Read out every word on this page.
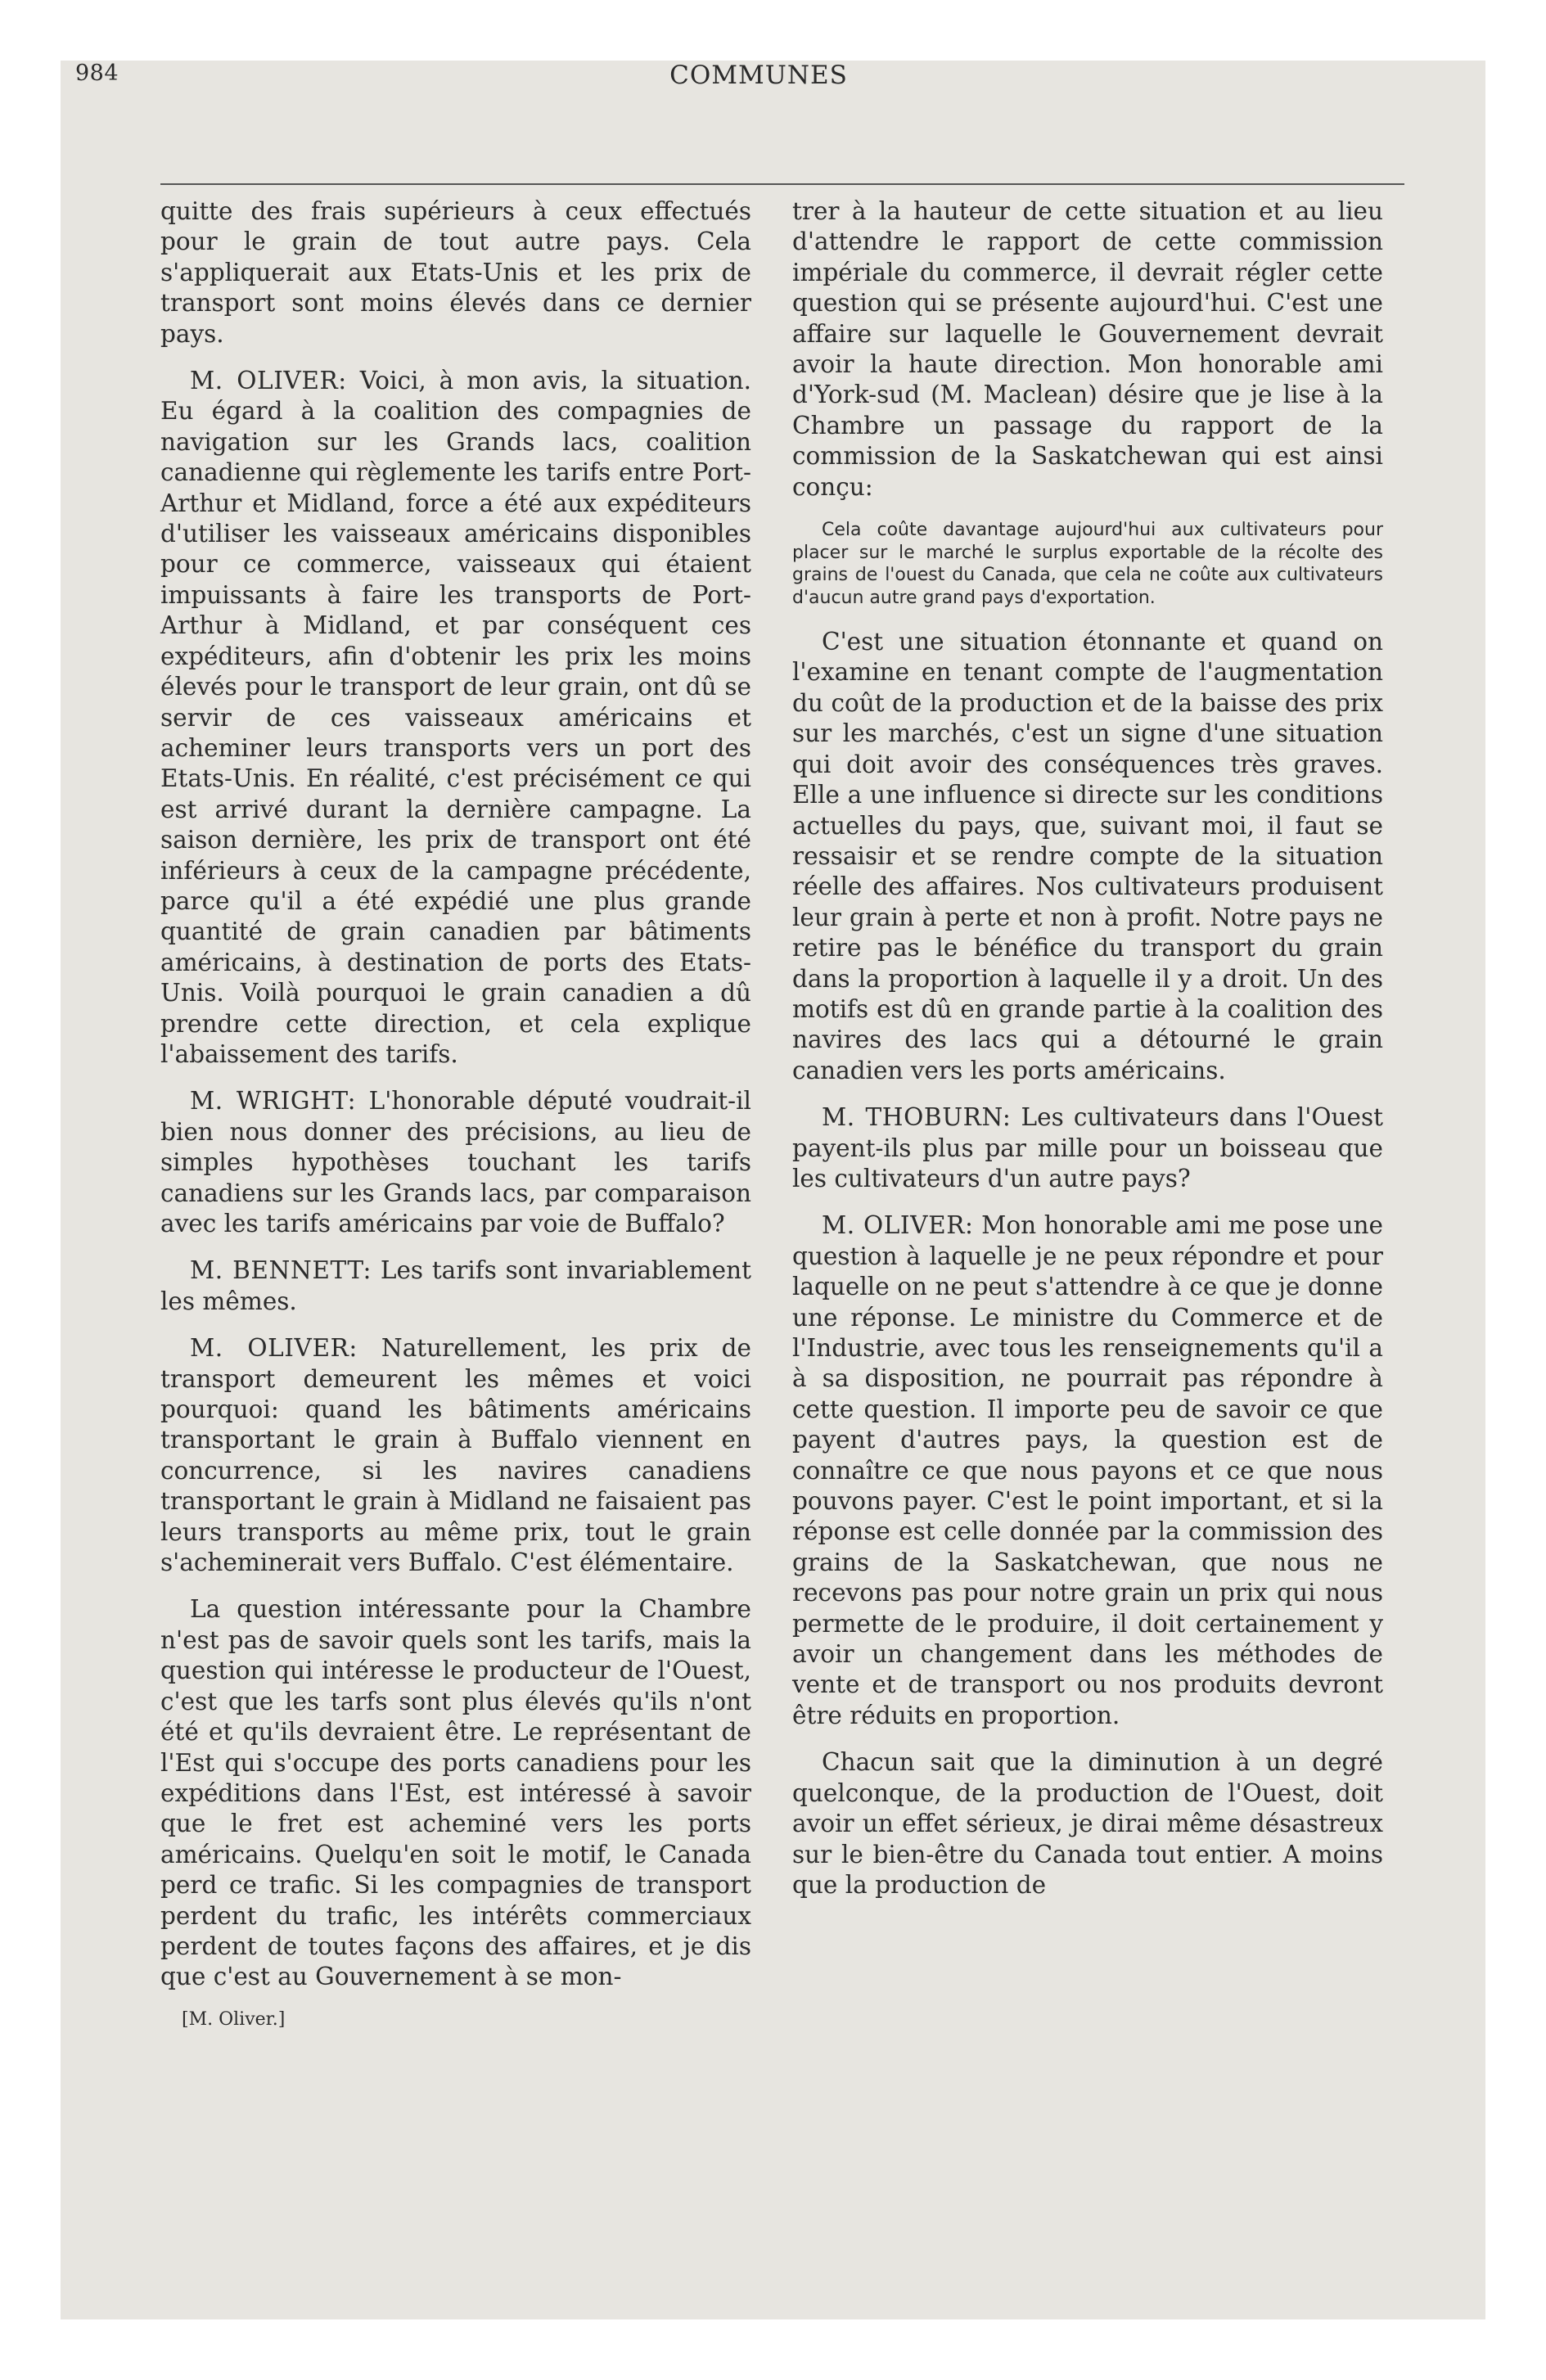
984	COMMUNES

quitte des frais supérieurs à ceux effectués pour le grain de tout autre pays. Cela s'appliquerait aux Etats-Unis et les prix de transport sont moins élevés dans ce dernier pays.

M. OLIVER: Voici, à mon avis, la situation. Eu égard à la coalition des compagnies de navigation sur les Grands lacs, coalition canadienne qui règlemente les tarifs entre Port-Arthur et Midland, force a été aux expéditeurs d'utiliser les vaisseaux américains disponibles pour ce commerce, vaisseaux qui étaient impuissants à faire les transports de Port-Arthur à Midland, et par conséquent ces expéditeurs, afin d'obtenir les prix les moins élevés pour le transport de leur grain, ont dû se servir de ces vaisseaux américains et acheminer leurs transports vers un port des Etats-Unis. En réalité, c'est précisément ce qui est arrivé durant la dernière campagne. La saison dernière, les prix de transport ont été inférieurs à ceux de la campagne précédente, parce qu'il a été expédié une plus grande quantité de grain canadien par bâtiments américains, à destination de ports des Etats-Unis. Voilà pourquoi le grain canadien a dû prendre cette direction, et cela explique l'abaissement des tarifs.

M. WRIGHT: L'honorable député voudrait-il bien nous donner des précisions, au lieu de simples hypothèses touchant les tarifs canadiens sur les Grands lacs, par comparaison avec les tarifs américains par voie de Buffalo?

M. BENNETT: Les tarifs sont invariablement les mêmes.

M. OLIVER: Naturellement, les prix de transport demeurent les mêmes et voici pourquoi: quand les bâtiments américains transportant le grain à Buffalo viennent en concurrence, si les navires canadiens transportant le grain à Midland ne faisaient pas leurs transports au même prix, tout le grain s'acheminerait vers Buffalo. C'est élémentaire.

La question intéressante pour la Chambre n'est pas de savoir quels sont les tarifs, mais la question qui intéresse le producteur de l'Ouest, c'est que les tarfs sont plus élevés qu'ils n'ont été et qu'ils devraient être. Le représentant de l'Est qui s'occupe des ports canadiens pour les expéditions dans l'Est, est intéressé à savoir que le fret est acheminé vers les ports américains. Quelqu'en soit le motif, le Canada perd ce trafic. Si les compagnies de transport perdent du trafic, les intérêts commerciaux perdent de toutes façons des affaires, et je dis que c'est au Gouvernement à se mon-

[M. Oliver.]

trer à la hauteur de cette situation et au lieu d'attendre le rapport de cette commission impériale du commerce, il devrait régler cette question qui se présente aujourd'hui. C'est une affaire sur laquelle le Gouvernement devrait avoir la haute direction. Mon honorable ami d'York-sud (M. Maclean) désire que je lise à la Chambre un passage du rapport de la commission de la Saskatchewan qui est ainsi conçu:

Cela coûte davantage aujourd'hui aux cultivateurs pour placer sur le marché le surplus exportable de la récolte des grains de l'ouest du Canada, que cela ne coûte aux cultivateurs d'aucun autre grand pays d'exportation.

C'est une situation étonnante et quand on l'examine en tenant compte de l'augmentation du coût de la production et de la baisse des prix sur les marchés, c'est un signe d'une situation qui doit avoir des conséquences très graves. Elle a une influence si directe sur les conditions actuelles du pays, que, suivant moi, il faut se ressaisir et se rendre compte de la situation réelle des affaires. Nos cultivateurs produisent leur grain à perte et non à profit. Notre pays ne retire pas le bénéfice du transport du grain dans la proportion à laquelle il y a droit. Un des motifs est dû en grande partie à la coalition des navires des lacs qui a détourné le grain canadien vers les ports américains.

M. THOBURN: Les cultivateurs dans l'Ouest payent-ils plus par mille pour un boisseau que les cultivateurs d'un autre pays?

M. OLIVER: Mon honorable ami me pose une question à laquelle je ne peux répondre et pour laquelle on ne peut s'attendre à ce que je donne une réponse. Le ministre du Commerce et de l'Industrie, avec tous les renseignements qu'il a à sa disposition, ne pourrait pas répondre à cette question. Il importe peu de savoir ce que payent d'autres pays, la question est de connaître ce que nous payons et ce que nous pouvons payer. C'est le point important, et si la réponse est celle donnée par la commission des grains de la Saskatchewan, que nous ne recevons pas pour notre grain un prix qui nous permette de le produire, il doit certainement y avoir un changement dans les méthodes de vente et de transport ou nos produits devront être réduits en proportion.

Chacun sait que la diminution à un degré quelconque, de la production de l'Ouest, doit avoir un effet sérieux, je dirai même désastreux sur le bien-être du Canada tout entier. A moins que la production de
